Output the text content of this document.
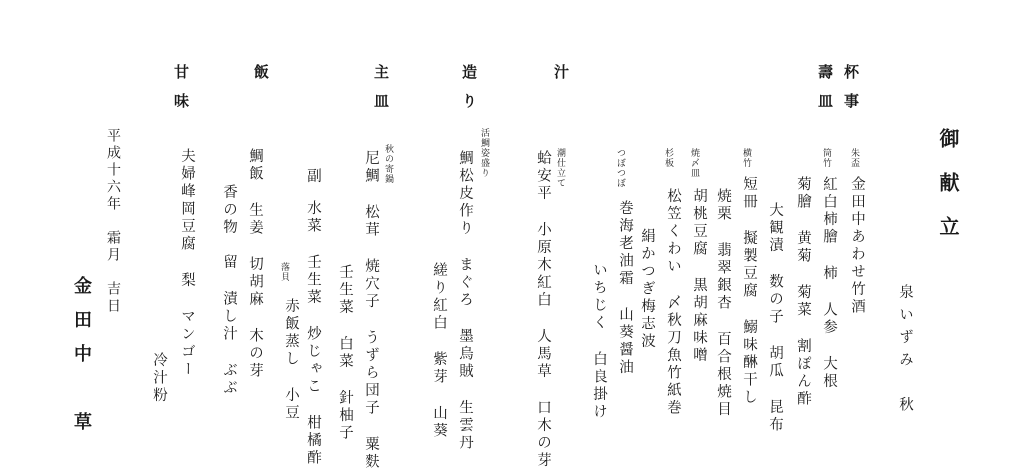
御献立
泉いずみ　秋
杯事
壽皿
汁
造り
主皿
飯
甘味
朱盃
金田中あわせ竹酒
筒竹
紅白柿膾 柿 人参 大根
菊膾 黄菊 菊菜 割ぽん酢
大観漬 数の子 胡瓜 昆布
横竹
短冊 擬製豆腐 鰯味醂干し
焼栗 翡翠銀杏 百合根焼目
焼〆皿
胡桃豆腐 黒胡麻味噌
杉板
松笠くわい 〆秋刀魚竹紙巻
絹かつぎ梅志波
つぼつぼ
巻海老油霜 山葵醤油
いちじく 白良掛け
潮仕立て
蛤安平 小原木紅白 人馬草 口木の芽
活鯛姿盛り
鯛松皮作り まぐろ 墨烏賊 生雲丹
縒り紅白 紫芽 山葵
秋の寄鍋
尼鯛 松茸 焼穴子 うずら団子 粟麩
壬生菜 白菜 針柚子
副
水菜 壬生菜 炒じゃこ 柑橘酢
落貝
赤飯蒸し 小豆
鯛飯 生姜 切胡麻 木の芽
香の物　留 漬し汁 ぶぶ
夫婦峰岡豆腐 梨 マンゴー
冷汁粉
平成十六年　霜月　吉日
金田中　草
